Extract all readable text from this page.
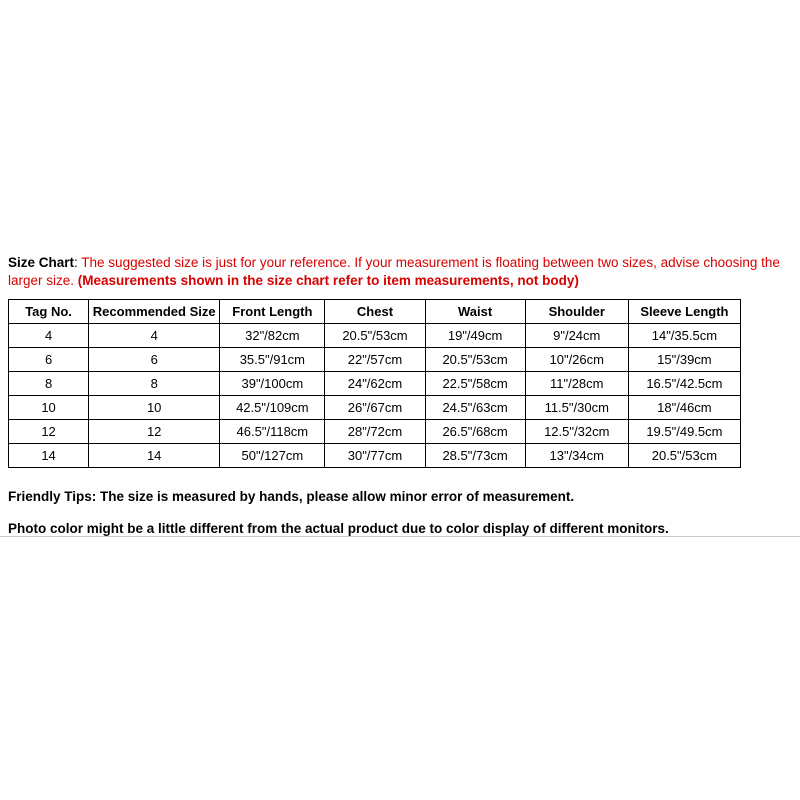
Size Chart: The suggested size is just for your reference. If your measurement is floating between two sizes, advise choosing the larger size. (Measurements shown in the size chart refer to item measurements, not body)
Tag No.	Recommended Size	Front Length	Chest	Waist	Shoulder	Sleeve Length
4	4	32"/82cm	20.5"/53cm	19"/49cm	9"/24cm	14"/35.5cm
6	6	35.5"/91cm	22"/57cm	20.5"/53cm	10"/26cm	15"/39cm
8	8	39"/100cm	24"/62cm	22.5"/58cm	11"/28cm	16.5"/42.5cm
10	10	42.5"/109cm	26"/67cm	24.5"/63cm	11.5"/30cm	18"/46cm
12	12	46.5"/118cm	28"/72cm	26.5"/68cm	12.5"/32cm	19.5"/49.5cm
14	14	50"/127cm	30"/77cm	28.5"/73cm	13"/34cm	20.5"/53cm
Friendly Tips: The size is measured by hands, please allow minor error of measurement.
Photo color might be a little different from the actual product due to color display of different monitors.
